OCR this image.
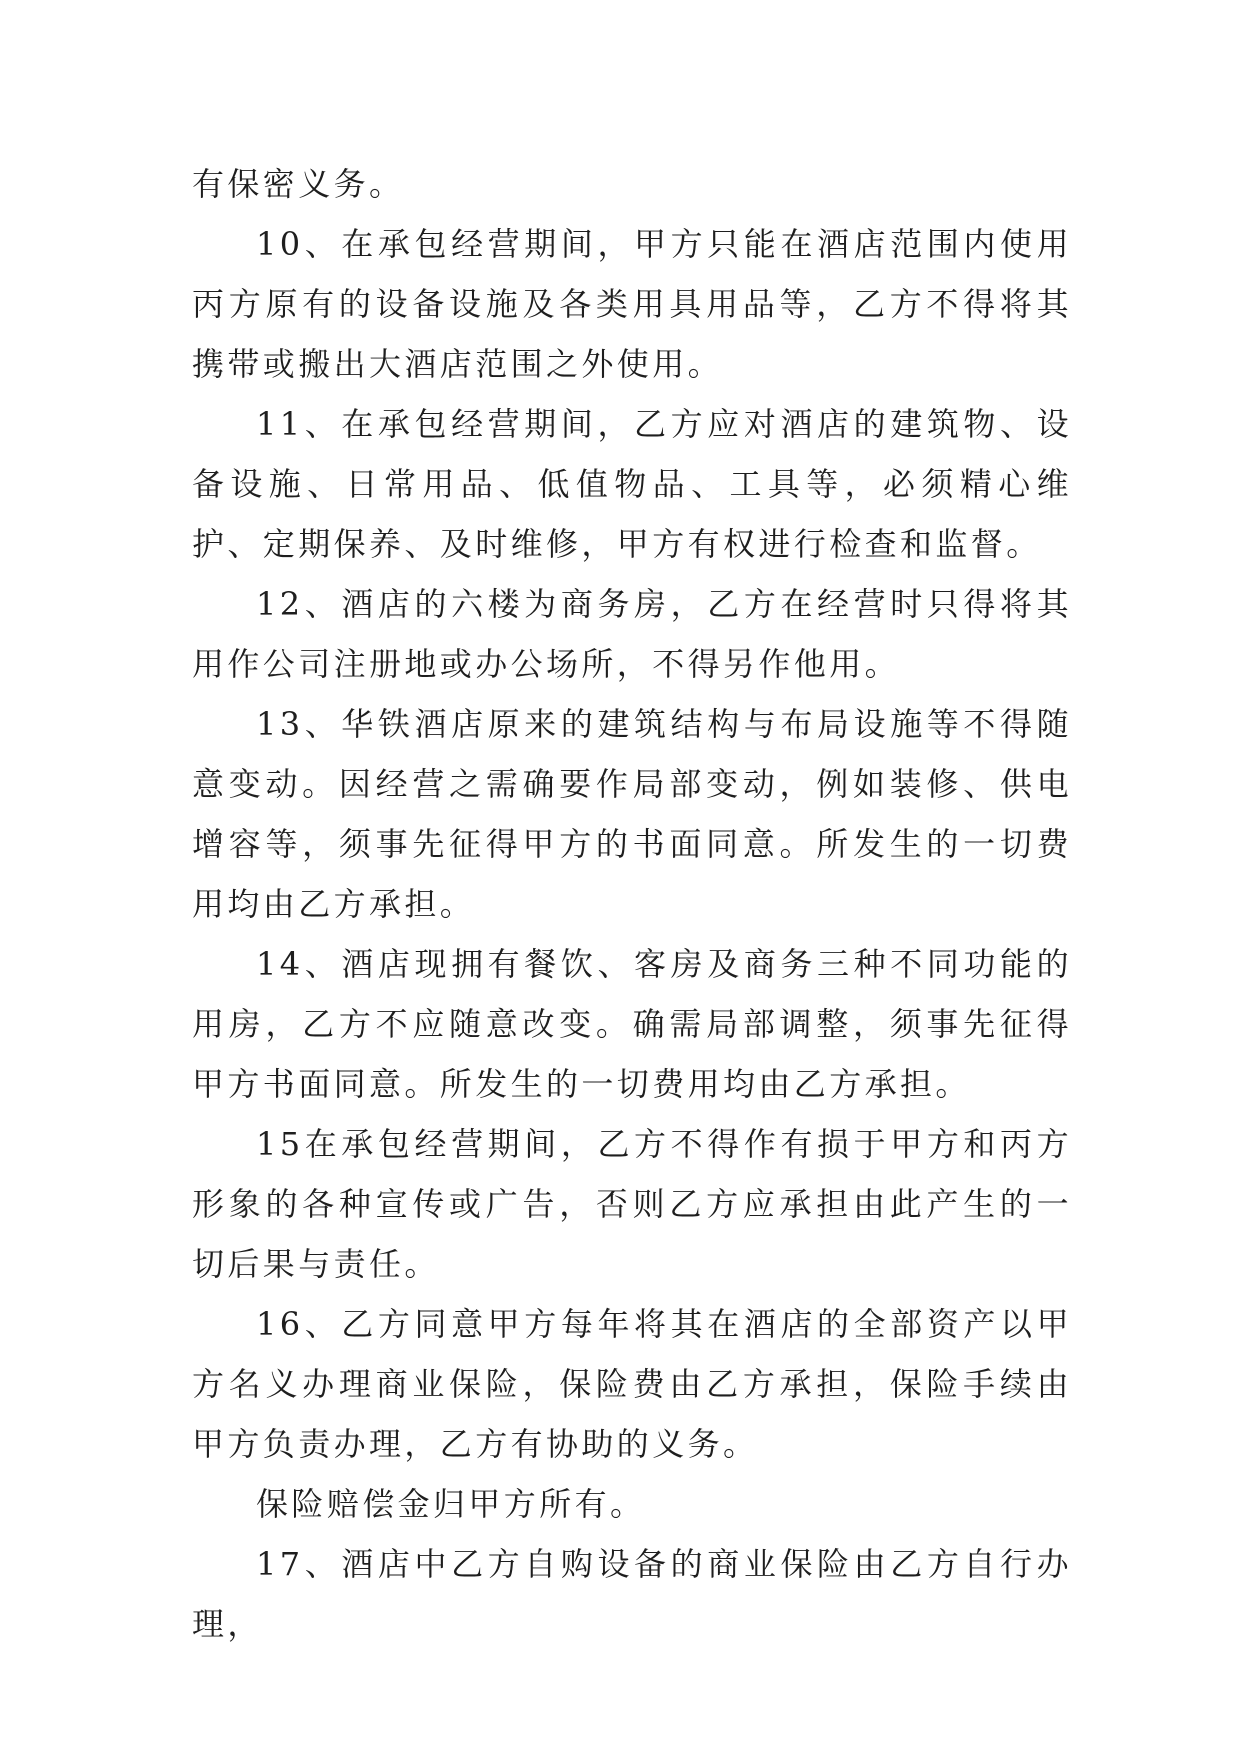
有保密义务。

10、在承包经营期间，甲方只能在酒店范围内使用丙方原有的设备设施及各类用具用品等，乙方不得将其携带或搬出大酒店范围之外使用。

11、在承包经营期间，乙方应对酒店的建筑物、设备设施、日常用品、低值物品、工具等，必须精心维护、定期保养、及时维修，甲方有权进行检查和监督。

12、酒店的六楼为商务房，乙方在经营时只得将其用作公司注册地或办公场所，不得另作他用。

13、华铁酒店原来的建筑结构与布局设施等不得随意变动。因经营之需确要作局部变动，例如装修、供电增容等，须事先征得甲方的书面同意。所发生的一切费用均由乙方承担。

14、酒店现拥有餐饮、客房及商务三种不同功能的用房，乙方不应随意改变。确需局部调整，须事先征得甲方书面同意。所发生的一切费用均由乙方承担。

15在承包经营期间，乙方不得作有损于甲方和丙方形象的各种宣传或广告，否则乙方应承担由此产生的一切后果与责任。

16、乙方同意甲方每年将其在酒店的全部资产以甲方名义办理商业保险，保险费由乙方承担，保险手续由甲方负责办理，乙方有协助的义务。

保险赔偿金归甲方所有。

17、酒店中乙方自购设备的商业保险由乙方自行办理，
